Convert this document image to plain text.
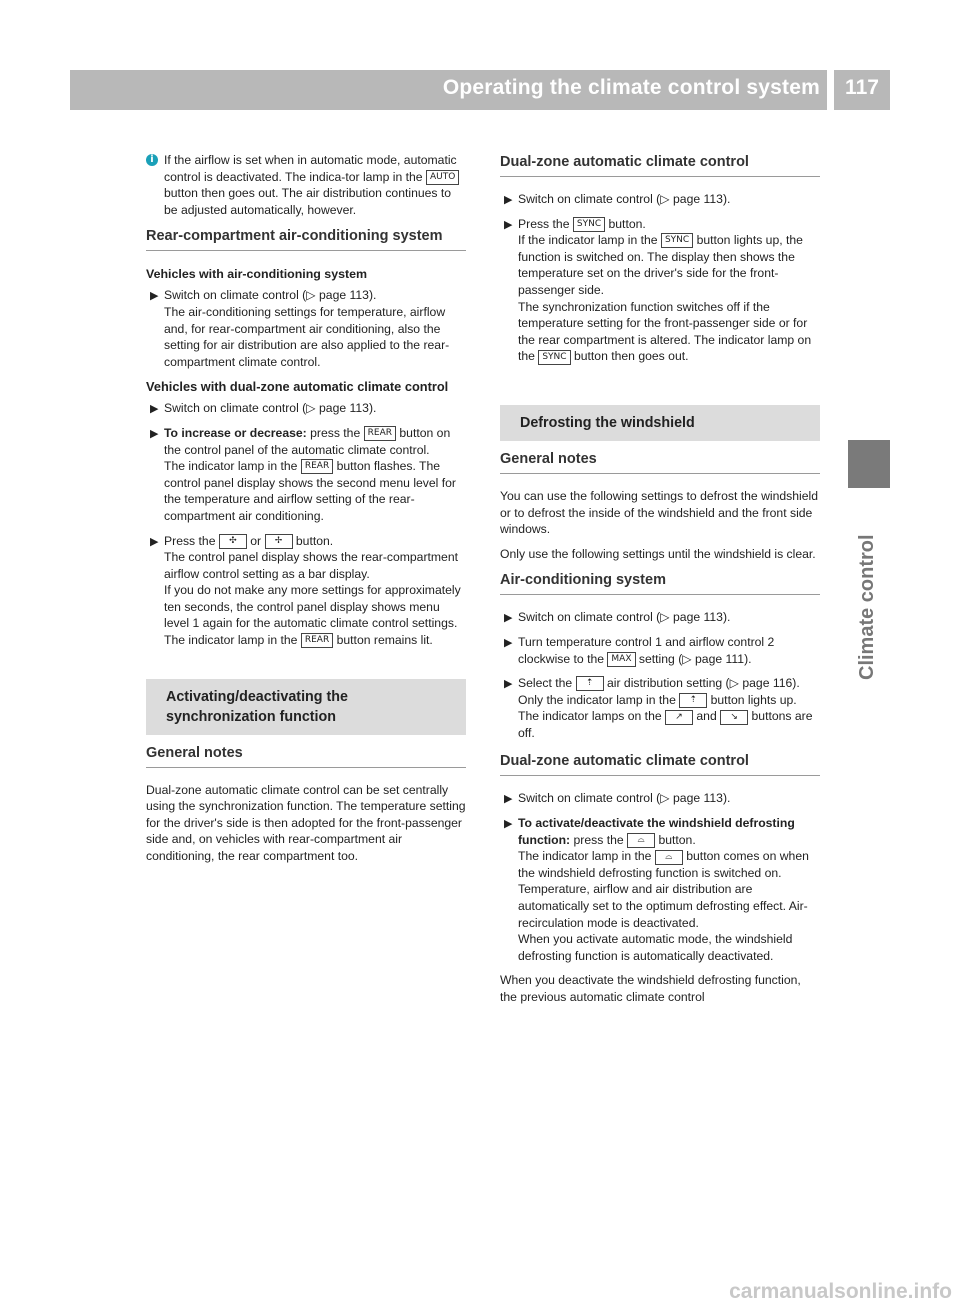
Operating the climate control system	117
Climate control

i If the airflow is set when in automatic mode, automatic control is deactivated. The indica-tor lamp in the AUTO button then goes out. The air distribution continues to be adjusted automatically, however.

Rear-compartment air-conditioning system
Vehicles with air-conditioning system
▶ Switch on climate control (▷ page 113).
The air-conditioning settings for temperature, airflow and, for rear-compartment air conditioning, also the setting for air distribution are also applied to the rear-compartment climate control.
Vehicles with dual-zone automatic climate control
▶ Switch on climate control (▷ page 113).
▶ To increase or decrease: press the REAR button on the control panel of the automatic climate control.
The indicator lamp in the REAR button flashes. The control panel display shows the second menu level for the temperature and airflow setting of the rear-compartment air conditioning.
▶ Press the ✣ or ✢ button.
The control panel display shows the rear-compartment airflow control setting as a bar display.
If you do not make any more settings for approximately ten seconds, the control panel display shows menu level 1 again for the automatic climate control settings. The indicator lamp in the REAR button remains lit.
Activating/deactivating the synchronization function
General notes

Dual-zone automatic climate control can be set centrally using the synchronization function. The temperature setting for the driver's side is then adopted for the front-passenger side and, on vehicles with rear-compartment air conditioning, the rear compartment too.

Dual-zone automatic climate control
▶ Switch on climate control (▷ page 113).
▶ Press the SYNC button.
If the indicator lamp in the SYNC button lights up, the function is switched on. The display then shows the temperature set on the driver's side for the front-passenger side.
The synchronization function switches off if the temperature setting for the front-passenger side or for the rear compartment is altered. The indicator lamp on the SYNC button then goes out.
Defrosting the windshield
General notes

You can use the following settings to defrost the windshield or to defrost the inside of the windshield and the front side windows.

Only use the following settings until the windshield is clear.

Air-conditioning system
▶ Switch on climate control (▷ page 113).
▶ Turn temperature control 1 and airflow control 2 clockwise to the MAX setting (▷ page 111).
▶ Select the ⇡ air distribution setting (▷ page 116).
Only the indicator lamp in the ⇡ button lights up. The indicator lamps on the ↗ and ↘ buttons are off.
Dual-zone automatic climate control
▶ Switch on climate control (▷ page 113).
▶ To activate/deactivate the windshield defrosting function: press the ⌓ button.
The indicator lamp in the ⌓ button comes on when the windshield defrosting function is switched on. Temperature, airflow and air distribution are automatically set to the optimum defrosting effect. Air-recirculation mode is deactivated.
When you activate automatic mode, the windshield defrosting function is automatically deactivated.

When you deactivate the windshield defrosting function, the previous automatic climate control

carmanualsonline.info
